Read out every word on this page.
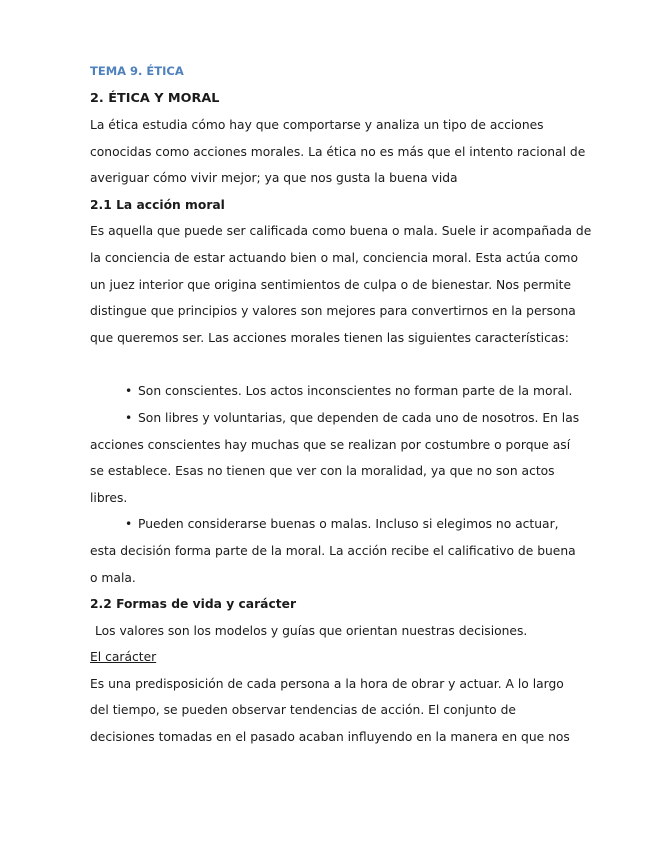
TEMA 9. ÉTICA
2. ÉTICA Y MORAL
La ética estudia cómo hay que comportarse y analiza un tipo de acciones
conocidas como acciones morales. La ética no es más que el intento racional de
averiguar cómo vivir mejor; ya que nos gusta la buena vida
2.1 La acción moral
Es aquella que puede ser calificada como buena o mala. Suele ir acompañada de
la conciencia de estar actuando bien o mal, conciencia moral. Esta actúa como
un juez interior que origina sentimientos de culpa o de bienestar. Nos permite
distingue que principios y valores son mejores para convertirnos en la persona
que queremos ser. Las acciones morales tienen las siguientes características:
• Son conscientes. Los actos inconscientes no forman parte de la moral.
• Son libres y voluntarias, que dependen de cada uno de nosotros. En las
acciones conscientes hay muchas que se realizan por costumbre o porque así
se establece. Esas no tienen que ver con la moralidad, ya que no son actos
libres.
• Pueden considerarse buenas o malas. Incluso si elegimos no actuar,
esta decisión forma parte de la moral. La acción recibe el calificativo de buena
o mala.
2.2 Formas de vida y carácter
Los valores son los modelos y guías que orientan nuestras decisiones.
El carácter
Es una predisposición de cada persona a la hora de obrar y actuar. A lo largo
del tiempo, se pueden observar tendencias de acción. El conjunto de
decisiones tomadas en el pasado acaban influyendo en la manera en que nos
